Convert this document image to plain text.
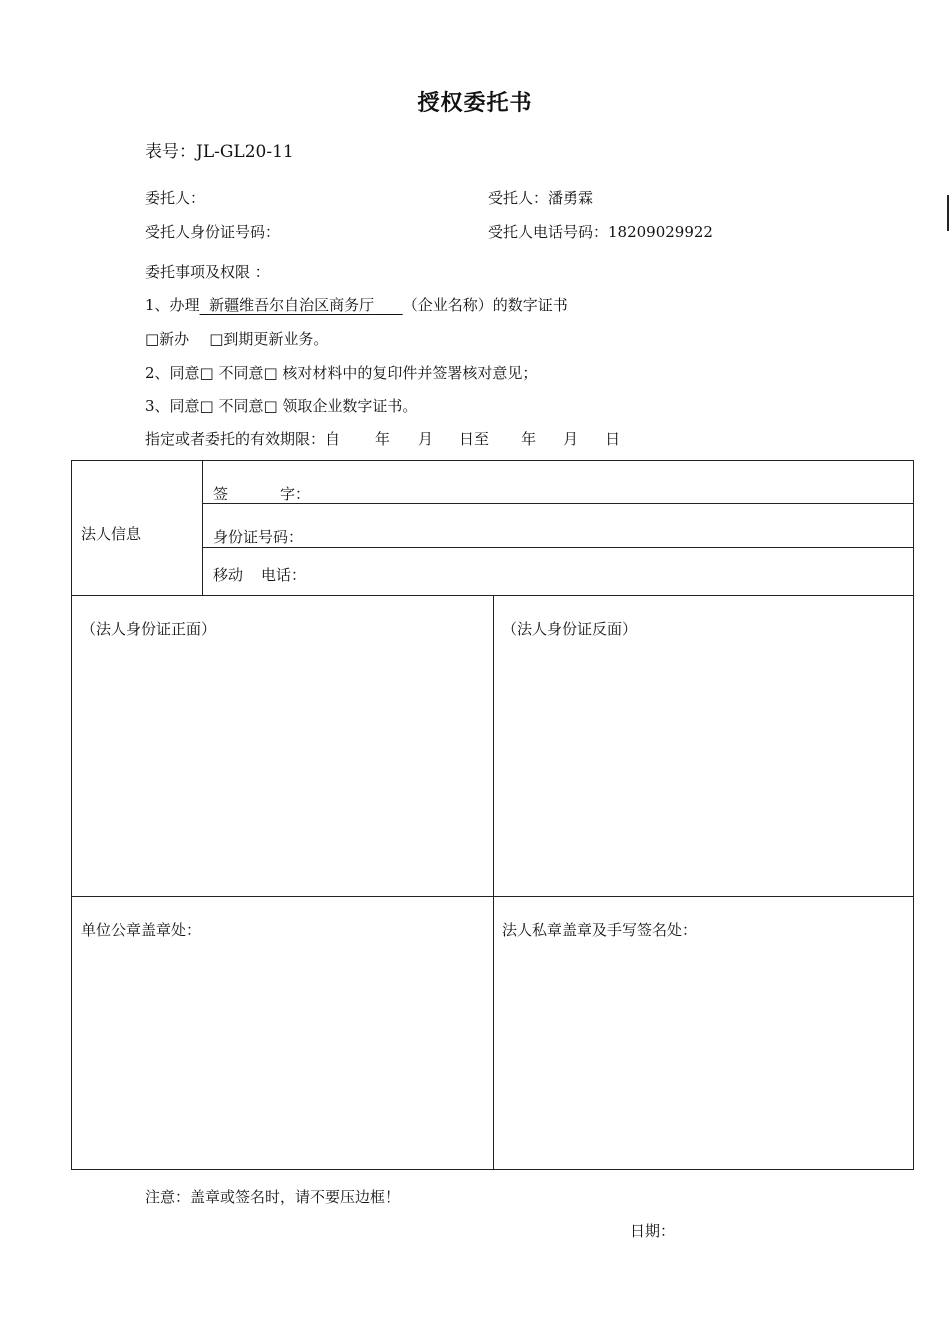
授权委托书
表号：JL-GL20-11
委托人：	受托人：潘勇霖
受托人身份证号码：	受托人电话号码：18209029922
委托事项及权限 ：
1、办理 新疆维吾尔自治区商务厅 （企业名称）的数字证书
□新办 □到期更新业务。
2、同意□ 不同意□ 核对材料中的复印件并签署核对意见；
3、同意□ 不同意□ 领取企业数字证书。
指定或者委托的有效期限：自 年 月 日至 年 月 日
法人信息
签	字：
身份证号码：
移动 电话：
（法人身份证正面）	（法人身份证反面）
单位公章盖章处：	法人私章盖章及手写签名处：
注意：盖章或签名时，请不要压边框！
日期：
